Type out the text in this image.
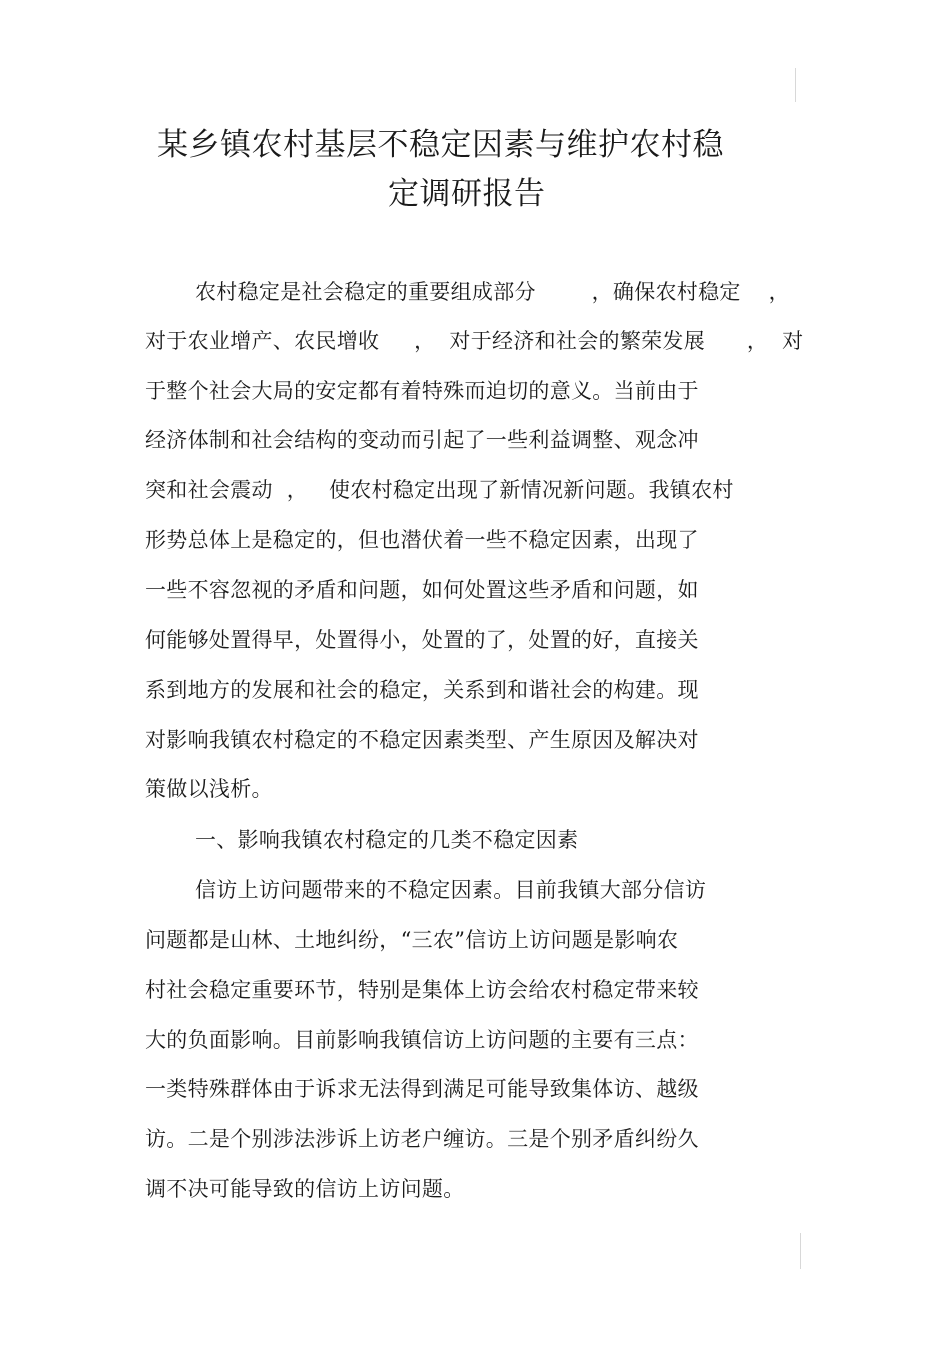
某乡镇农村基层不稳定因素与维护农村稳
定调研报告

农村稳定是社会稳定的重要组成部分        ，确保农村稳定    ，

对于农业增产、农民增收     ，  对于经济和社会的繁荣发展      ，  对

于整个社会大局的安定都有着特殊而迫切的意义。当前由于

经济体制和社会结构的变动而引起了一些利益调整、观念冲

突和社会震动  ，   使农村稳定出现了新情况新问题。我镇农村

形势总体上是稳定的，但也潜伏着一些不稳定因素，出现了

一些不容忽视的矛盾和问题，如何处置这些矛盾和问题，如

何能够处置得早，处置得小，处置的了，处置的好，直接关

系到地方的发展和社会的稳定，关系到和谐社会的构建。现

对影响我镇农村稳定的不稳定因素类型、产生原因及解决对

策做以浅析。

一、影响我镇农村稳定的几类不稳定因素

信访上访问题带来的不稳定因素。目前我镇大部分信访

问题都是山林、土地纠纷，“三农”信访上访问题是影响农

村社会稳定重要环节，特别是集体上访会给农村稳定带来较

大的负面影响。目前影响我镇信访上访问题的主要有三点：

一类特殊群体由于诉求无法得到满足可能导致集体访、越级

访。二是个别涉法涉诉上访老户缠访。三是个别矛盾纠纷久

调不决可能导致的信访上访问题。
